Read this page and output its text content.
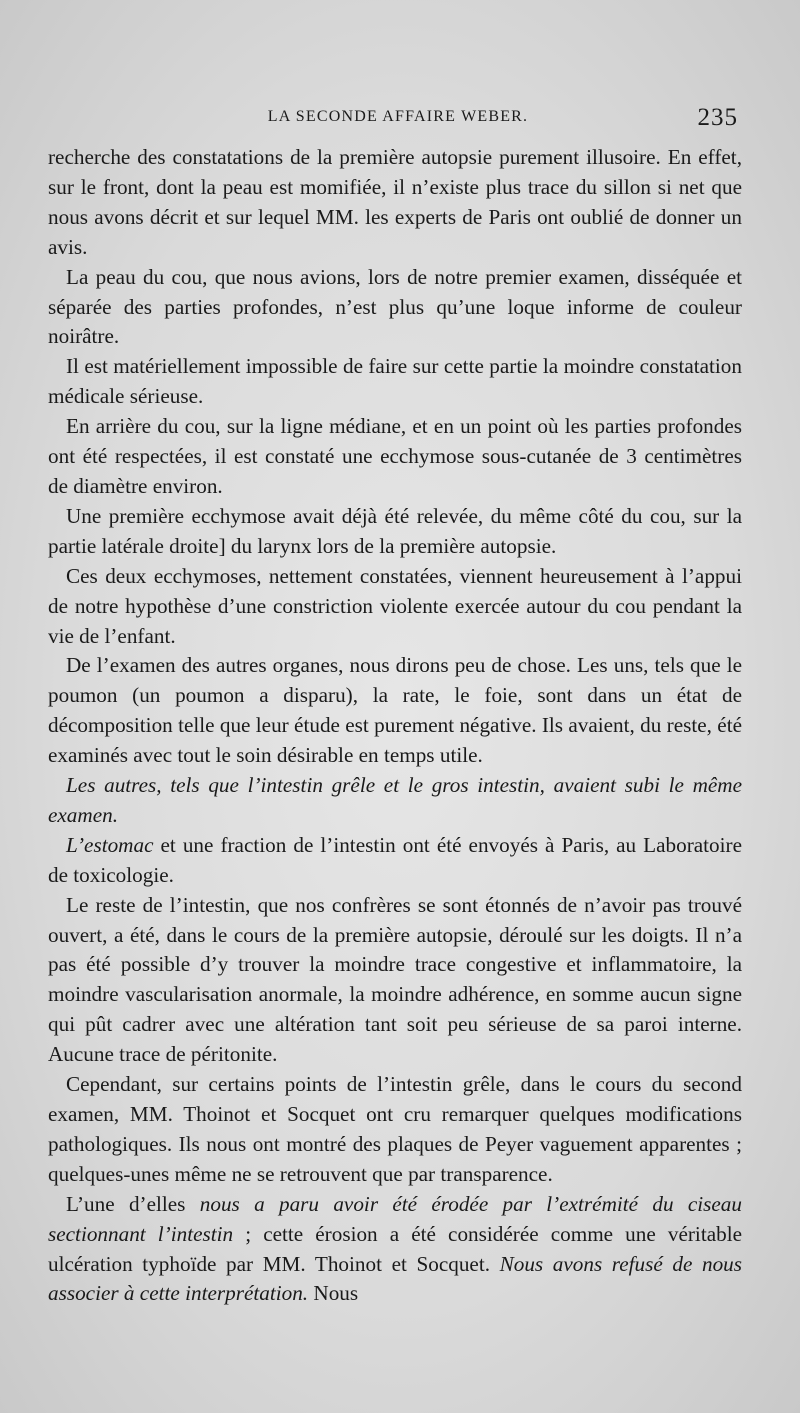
LA SECONDE AFFAIRE WEBER.	235

recherche des constatations de la première autopsie purement illusoire. En effet, sur le front, dont la peau est momifiée, il n’existe plus trace du sillon si net que nous avons décrit et sur lequel MM. les experts de Paris ont oublié de donner un avis.

La peau du cou, que nous avions, lors de notre premier examen, disséquée et séparée des parties profondes, n’est plus qu’une loque informe de couleur noirâtre.

Il est matériellement impossible de faire sur cette partie la moindre constatation médicale sérieuse.

En arrière du cou, sur la ligne médiane, et en un point où les parties profondes ont été respectées, il est constaté une ecchymose sous-cutanée de 3 centimètres de diamètre environ.

Une première ecchymose avait déjà été relevée, du même côté du cou, sur la partie latérale droite] du larynx lors de la première autopsie.

Ces deux ecchymoses, nettement constatées, viennent heureusement à l’appui de notre hypothèse d’une constriction violente exercée autour du cou pendant la vie de l’enfant.

De l’examen des autres organes, nous dirons peu de chose. Les uns, tels que le poumon (un poumon a disparu), la rate, le foie, sont dans un état de décomposition telle que leur étude est purement négative. Ils avaient, du reste, été examinés avec tout le soin désirable en temps utile.

Les autres, tels que l’intestin grêle et le gros intestin, avaient subi le même examen.

L’estomac et une fraction de l’intestin ont été envoyés à Paris, au Laboratoire de toxicologie.

Le reste de l’intestin, que nos confrères se sont étonnés de n’avoir pas trouvé ouvert, a été, dans le cours de la première autopsie, déroulé sur les doigts. Il n’a pas été possible d’y trouver la moindre trace congestive et inflammatoire, la moindre vascularisation anormale, la moindre adhérence, en somme aucun signe qui pût cadrer avec une altération tant soit peu sérieuse de sa paroi interne. Aucune trace de péritonite.

Cependant, sur certains points de l’intestin grêle, dans le cours du second examen, MM. Thoinot et Socquet ont cru remarquer quelques modifications pathologiques. Ils nous ont montré des plaques de Peyer vaguement apparentes ; quelques-unes même ne se retrouvent que par transparence.

L’une d’elles nous a paru avoir été érodée par l’extrémité du ciseau sectionnant l’intestin ; cette érosion a été considérée comme une véritable ulcération typhoïde par MM. Thoinot et Socquet. Nous avons refusé de nous associer à cette interprétation. Nous
